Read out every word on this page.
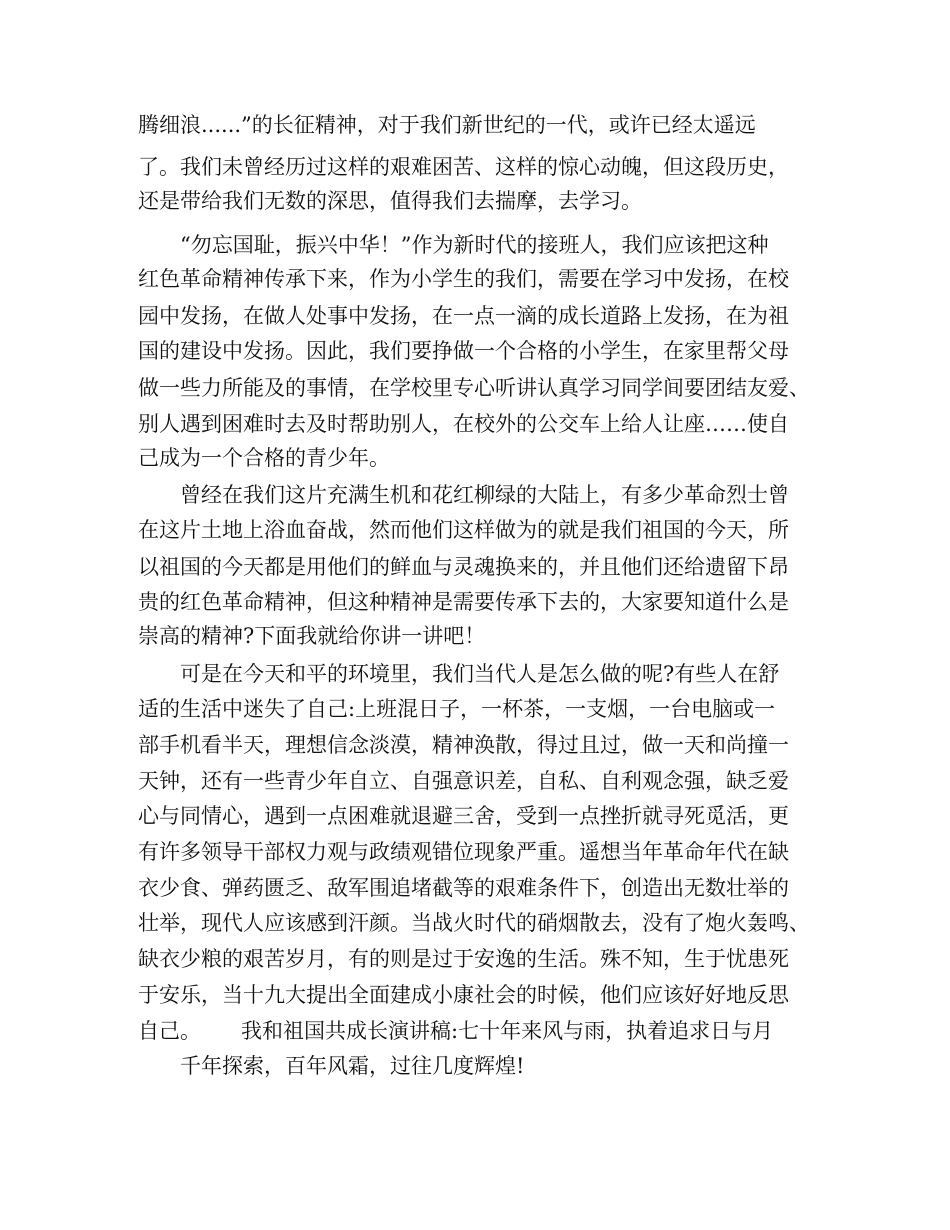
腾细浪......”的长征精神，对于我们新世纪的一代，或许已经太遥远
了。我们未曾经历过这样的艰难困苦、这样的惊心动魄，但这段历史，
还是带给我们无数的深思，值得我们去揣摩，去学习。
“勿忘国耻，振兴中华！”作为新时代的接班人，我们应该把这种
红色革命精神传承下来，作为小学生的我们，需要在学习中发扬，在校
园中发扬，在做人处事中发扬，在一点一滴的成长道路上发扬，在为祖
国的建设中发扬。因此，我们要挣做一个合格的小学生，在家里帮父母
做一些力所能及的事情，在学校里专心听讲认真学习同学间要团结友爱、
别人遇到困难时去及时帮助别人，在校外的公交车上给人让座……使自
己成为一个合格的青少年。
曾经在我们这片充满生机和花红柳绿的大陆上，有多少革命烈士曾
在这片土地上浴血奋战，然而他们这样做为的就是我们祖国的今天，所
以祖国的今天都是用他们的鲜血与灵魂换来的，并且他们还给遗留下昂
贵的红色革命精神，但这种精神是需要传承下去的，大家要知道什么是
崇高的精神?下面我就给你讲一讲吧！
可是在今天和平的环境里，我们当代人是怎么做的呢?有些人在舒
适的生活中迷失了自己:上班混日子，一杯茶，一支烟，一台电脑或一
部手机看半天，理想信念淡漠，精神涣散，得过且过，做一天和尚撞一
天钟，还有一些青少年自立、自强意识差，自私、自利观念强，缺乏爱
心与同情心，遇到一点困难就退避三舍，受到一点挫折就寻死觅活，更
有许多领导干部权力观与政绩观错位现象严重。遥想当年革命年代在缺
衣少食、弹药匮乏、敌军围追堵截等的艰难条件下，创造出无数壮举的
壮举，现代人应该感到汗颜。当战火时代的硝烟散去，没有了炮火轰鸣、
缺衣少粮的艰苦岁月，有的则是过于安逸的生活。殊不知，生于忧患死
于安乐，当十九大提出全面建成小康社会的时候，他们应该好好地反思
自己。      我和祖国共成长演讲稿:七十年来风与雨，执着追求日与月
千年探索，百年风霜，过往几度辉煌!
